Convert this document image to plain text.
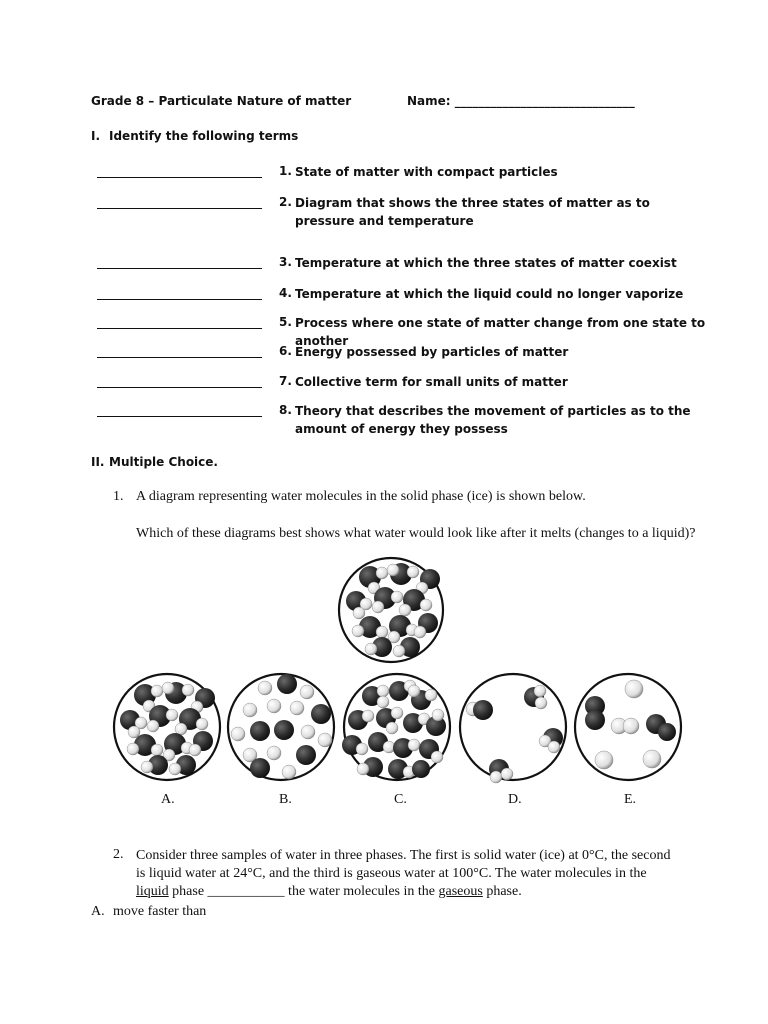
Grade 8 – Particulate Nature of matter	Name: ______________________________
I. Identify the following terms
1. State of matter with compact particles
2. Diagram that shows the three states of matter as to pressure and temperature
3. Temperature at which the three states of matter coexist
4. Temperature at which the liquid could no longer vaporize
5. Process where one state of matter change from one state to another
6. Energy possessed by particles of matter
7. Collective term for small units of matter
8. Theory that describes the movement of particles as to the amount of energy they possess
II. Multiple Choice.
1. A diagram representing water molecules in the solid phase (ice) is shown below.
Which of these diagrams best shows what water would look like after it melts (changes to a liquid)?
A.	B.	C.	D.	E.
2. Consider three samples of water in three phases. The first is solid water (ice) at 0°C, the second is liquid water at 24°C, and the third is gaseous water at 100°C. The water molecules in the liquid phase ___________ the water molecules in the gaseous phase.
A. move faster than
